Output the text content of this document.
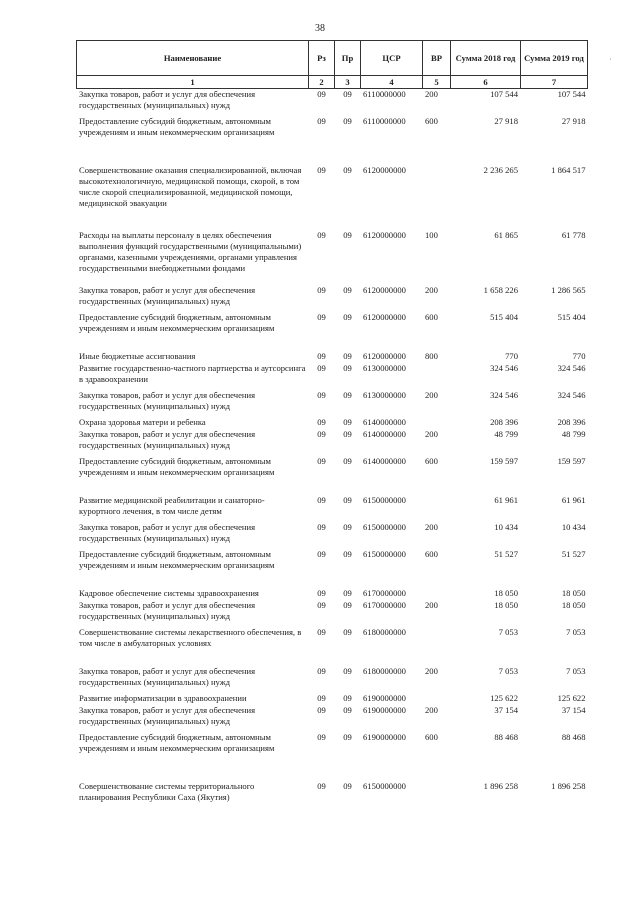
38
·
Наименование	Рз	Пр	ЦСР	ВР	Сумма 2018 год	Сумма 2019 год
1	2	3	4	5	6	7
Закупка товаров, работ и услуг для обеспечения государственных (муниципальных) нужд	09	09	6110000000	200	107 544	107 544
Предоставление субсидий бюджетным, автономным учреждениям и иным некоммерческим организациям	09	09	6110000000	600	27 918	27 918
Совершенствование оказания специализированной, включая высокотехнологичную, медицинской помощи, скорой, в том числе скорой специализированной, медицинской помощи, медицинской эвакуации	09	09	6120000000		2 236 265	1 864 517
Расходы на выплаты персоналу в целях обеспечения выполнения функций государственными (муниципальными) органами, казенными учреждениями, органами управления государственными внебюджетными фондами	09	09	6120000000	100	61 865	61 778
Закупка товаров, работ и услуг для обеспечения государственных (муниципальных) нужд	09	09	6120000000	200	1 658 226	1 286 565
Предоставление субсидий бюджетным, автономным учреждениям и иным некоммерческим организациям	09	09	6120000000	600	515 404	515 404
Иные бюджетные ассигнования	09	09	6120000000	800	770	770
Развитие государственно-частного партнерства и аутсорсинга в здравоохранении	09	09	6130000000		324 546	324 546
Закупка товаров, работ и услуг для обеспечения государственных (муниципальных) нужд	09	09	6130000000	200	324 546	324 546
Охрана здоровья матери и ребенка	09	09	6140000000		208 396	208 396
Закупка товаров, работ и услуг для обеспечения государственных (муниципальных) нужд	09	09	6140000000	200	48 799	48 799
Предоставление субсидий бюджетным, автономным учреждениям и иным некоммерческим организациям	09	09	6140000000	600	159 597	159 597
Развитие медицинской реабилитации и санаторно-курортного лечения, в том числе детям	09	09	6150000000		61 961	61 961
Закупка товаров, работ и услуг для обеспечения государственных (муниципальных) нужд	09	09	6150000000	200	10 434	10 434
Предоставление субсидий бюджетным, автономным учреждениям и иным некоммерческим организациям	09	09	6150000000	600	51 527	51 527
Кадровое обеспечение системы здравоохранения	09	09	6170000000		18 050	18 050
Закупка товаров, работ и услуг для обеспечения государственных (муниципальных) нужд	09	09	6170000000	200	18 050	18 050
Совершенствование системы лекарственного обеспечения, в том числе в амбулаторных условиях	09	09	6180000000		7 053	7 053
Закупка товаров, работ и услуг для обеспечения государственных (муниципальных) нужд	09	09	6180000000	200	7 053	7 053
Развитие информатизации в здравоохранении	09	09	6190000000		125 622	125 622
Закупка товаров, работ и услуг для обеспечения государственных (муниципальных) нужд	09	09	6190000000	200	37 154	37 154
Предоставление субсидий бюджетным, автономным учреждениям и иным некоммерческим организациям	09	09	6190000000	600	88 468	88 468
Совершенствование системы территориального планирования Республики Саха (Якутия)	09	09	6150000000		1 896 258	1 896 258
